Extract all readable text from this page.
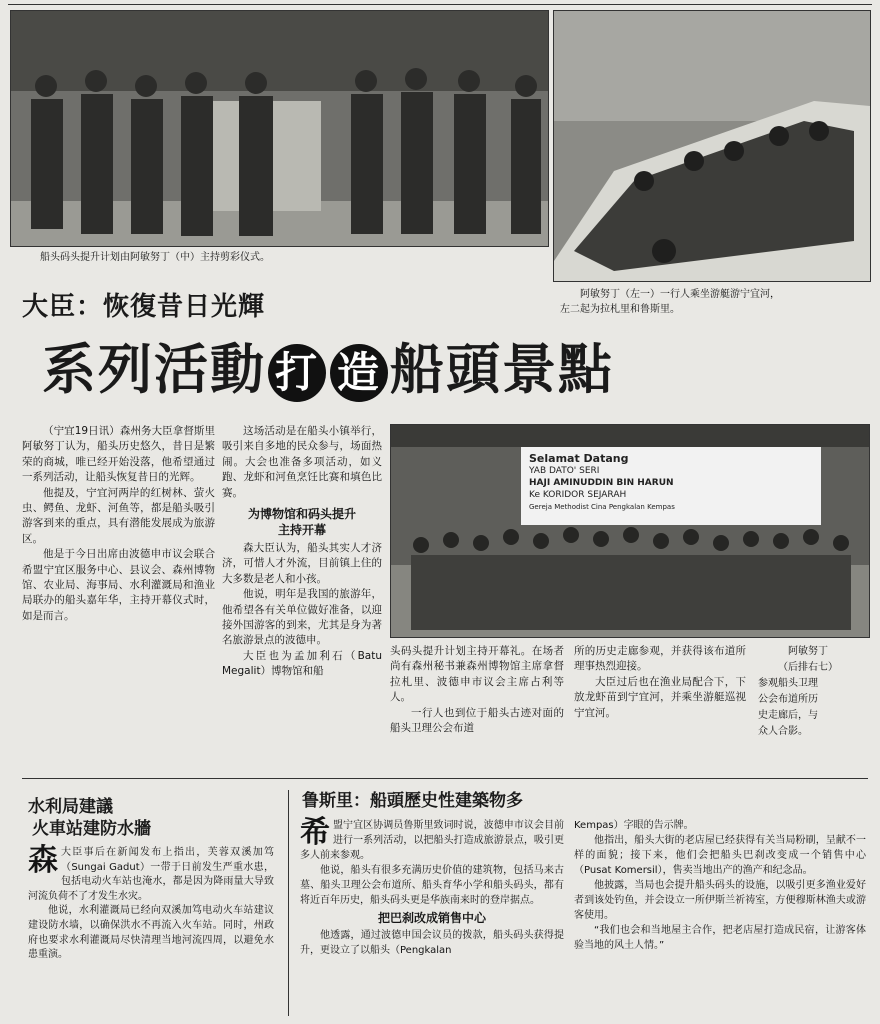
船头码头提升计划由阿敏努丁（中）主持剪彩仪式。
阿敏努丁（左一）一行人乘坐游艇游宁宜河，
左二起为拉札里和鲁斯里。
大臣：恢復昔日光輝
系列活動 打 造 船頭景點

（宁宜19日讯）森州务大臣拿督斯里阿敏努丁认为，船头历史悠久，昔日是繁荣的商城，唯已经开始没落，他希望通过一系列活动，让船头恢复昔日的光辉。

他提及，宁宜河两岸的红树林、萤火虫、鳄鱼、龙虾、河鱼等，都是船头吸引游客到来的重点，具有潜能发展成为旅游区。

他是于今日出席由波德申市议会联合希盟宁宜区服务中心、县议会、森州博物馆、农业局、海事局、水利灌溉局和渔业局联办的船头嘉年华，主持开幕仪式时，如是而言。

这场活动是在船头小镇举行，吸引来自多地的民众参与，场面热闹。大会也准备多项活动，如义跑、龙虾和河鱼烹饪比赛和填色比赛。

为博物馆和码头提升
主持开幕

森大臣认为，船头其实人才济济，可惜人才外流，目前镇上住的大多数是老人和小孩。

他说，明年是我国的旅游年，他希望各有关单位做好准备，以迎接外国游客的到来，尤其是身为著名旅游景点的波德申。

大臣也为孟加利石（Batu Megalit）博物馆和船

Selamat Datang
YAB DATO' SERI
HAJI AMINUDDIN BIN HARUN
Ke KORIDOR SEJARAH
Gereja Methodist Cina Pengkalan Kempas

头码头提升计划主持开幕礼。在场者尚有森州秘书兼森州博物馆主席拿督拉札里、波德申市议会主席占利等人。

一行人也到位于船头古迹对面的船头卫理公会布道

所的历史走廊参观，并获得该布道所理事热烈迎接。

大臣过后也在渔业局配合下，下放龙虾苗到宁宜河，并乘坐游艇巡视宁宜河。

阿敏努丁
（后排右七）
参观船头卫理
公会布道所历
史走廊后，与
众人合影。
水利局建議
火車站建防水牆
森 大臣事后在新闻发布上指出，芙蓉双溪加笃（Sungai Gadut）一带于日前发生严重水患，包括电动火车站也淹水，都是因为降雨量大导致河流负荷不了才发生水灾。

他说，水利灌溉局已经向双溪加笃电动火车站建议建设防水墙，以确保洪水不再流入火车站。同时，州政府也要求水利灌溉局尽快清理当地河流四周，以避免水患重演。

鲁斯里：船頭歷史性建築物多
希 盟宁宜区协调员鲁斯里致词时说，波德申市议会目前进行一系列活动，以把船头打造成旅游景点，吸引更多人前来参观。

他说，船头有很多充满历史价值的建筑物，包括马来古墓、船头卫理公会布道所、船头育华小学和船头码头，都有将近百年历史，船头码头更是华族南来时的登岸据点。

把巴刹改成销售中心

他透露，通过波德申国会议员的拨款，船头码头获得提升，更设立了以船头（Pengkalan

Kempas）字眼的告示牌。

他指出，船头大街的老店屋已经获得有关当局粉刷，呈献不一样的面貌；接下来，他们会把船头巴刹改变成一个销售中心（Pusat Komersil），售卖当地出产的渔产和纪念品。

他披露，当局也会提升船头码头的设施，以吸引更多渔业爱好者到该处钓鱼，并会设立一所伊斯兰祈祷室，方便穆斯林渔夫或游客使用。

“我们也会和当地屋主合作，把老店屋打造成民宿，让游客体验当地的风土人情。”
